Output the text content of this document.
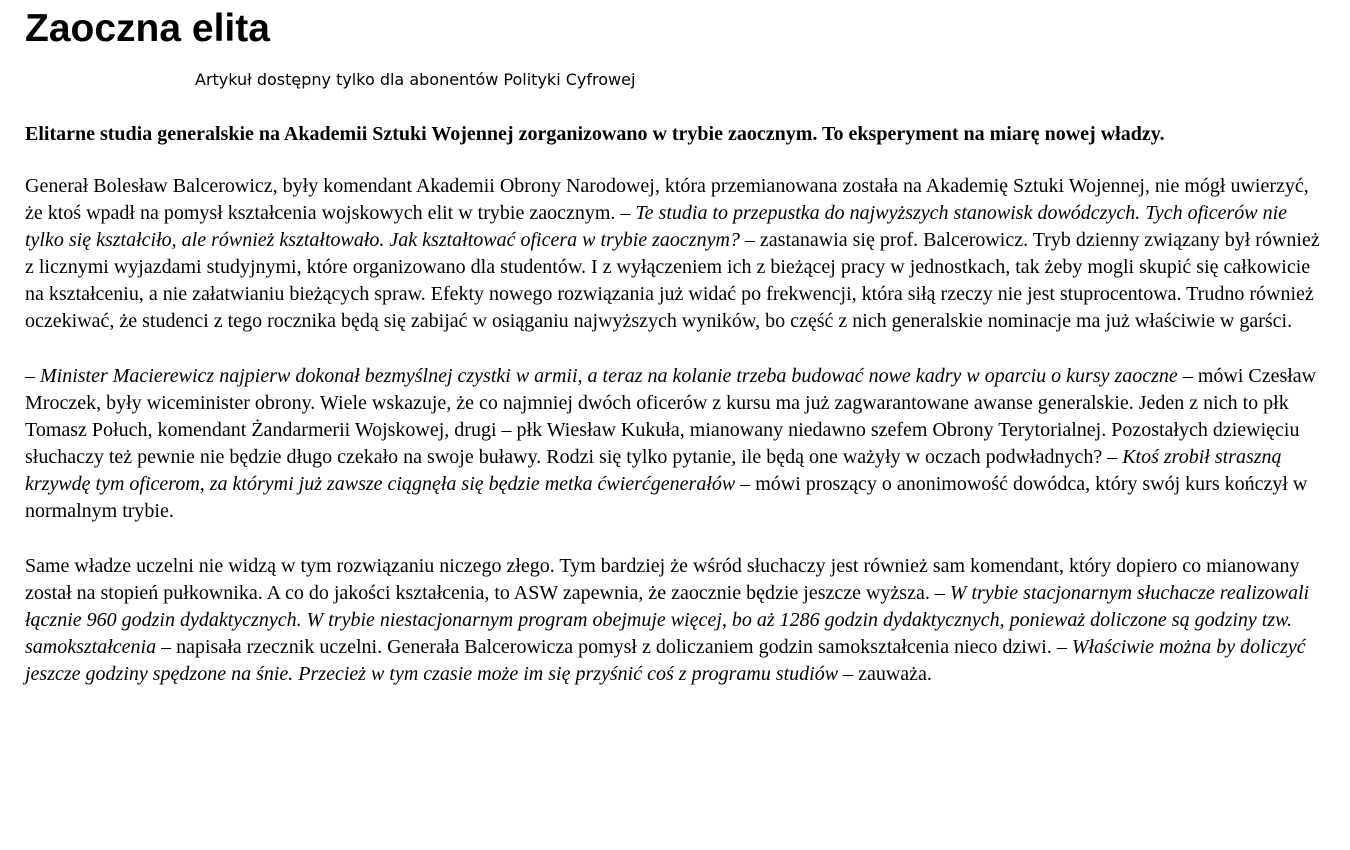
Zaoczna elita
Artykuł dostępny tylko dla abonentów Polityki Cyfrowej

Elitarne studia generalskie na Akademii Sztuki Wojennej zorganizowano w trybie zaocznym. To eksperyment na miarę nowej władzy.

Generał Bolesław Balcerowicz, były komendant Akademii Obrony Narodowej, która przemianowana została na Akademię Sztuki Wojennej, nie mógł uwierzyć, że ktoś wpadł na pomysł kształcenia wojskowych elit w trybie zaocznym. – Te studia to przepustka do najwyższych stanowisk dowódczych. Tych oficerów nie tylko się kształciło, ale również kształtowało. Jak kształtować oficera w trybie zaocznym? – zastanawia się prof. Balcerowicz. Tryb dzienny związany był również z licznymi wyjazdami studyjnymi, które organizowano dla studentów. I z wyłączeniem ich z bieżącej pracy w jednostkach, tak żeby mogli skupić się całkowicie na kształceniu, a nie załatwianiu bieżących spraw. Efekty nowego rozwiązania już widać po frekwencji, która siłą rzeczy nie jest stuprocentowa. Trudno również oczekiwać, że studenci z tego rocznika będą się zabijać w osiąganiu najwyższych wyników, bo część z nich generalskie nominacje ma już właściwie w garści.

– Minister Macierewicz najpierw dokonał bezmyślnej czystki w armii, a teraz na kolanie trzeba budować nowe kadry w oparciu o kursy zaoczne – mówi Czesław Mroczek, były wiceminister obrony. Wiele wskazuje, że co najmniej dwóch oficerów z kursu ma już zagwarantowane awanse generalskie. Jeden z nich to płk Tomasz Połuch, komendant Żandarmerii Wojskowej, drugi – płk Wiesław Kukuła, mianowany niedawno szefem Obrony Terytorialnej. Pozostałych dziewięciu słuchaczy też pewnie nie będzie długo czekało na swoje buławy. Rodzi się tylko pytanie, ile będą one ważyły w oczach podwładnych? – Ktoś zrobił straszną krzywdę tym oficerom, za którymi już zawsze ciągnęła się będzie metka ćwierćgenerałów – mówi proszący o anonimowość dowódca, który swój kurs kończył w normalnym trybie.

Same władze uczelni nie widzą w tym rozwiązaniu niczego złego. Tym bardziej że wśród słuchaczy jest również sam komendant, który dopiero co mianowany został na stopień pułkownika. A co do jakości kształcenia, to ASW zapewnia, że zaocznie będzie jeszcze wyższa. – W trybie stacjonarnym słuchacze realizowali łącznie 960 godzin dydaktycznych. W trybie niestacjonarnym program obejmuje więcej, bo aż 1286 godzin dydaktycznych, ponieważ doliczone są godziny tzw. samokształcenia – napisała rzecznik uczelni. Generała Balcerowicza pomysł z doliczaniem godzin samokształcenia nieco dziwi. – Właściwie można by doliczyć jeszcze godziny spędzone na śnie. Przecież w tym czasie może im się przyśnić coś z programu studiów – zauważa.
